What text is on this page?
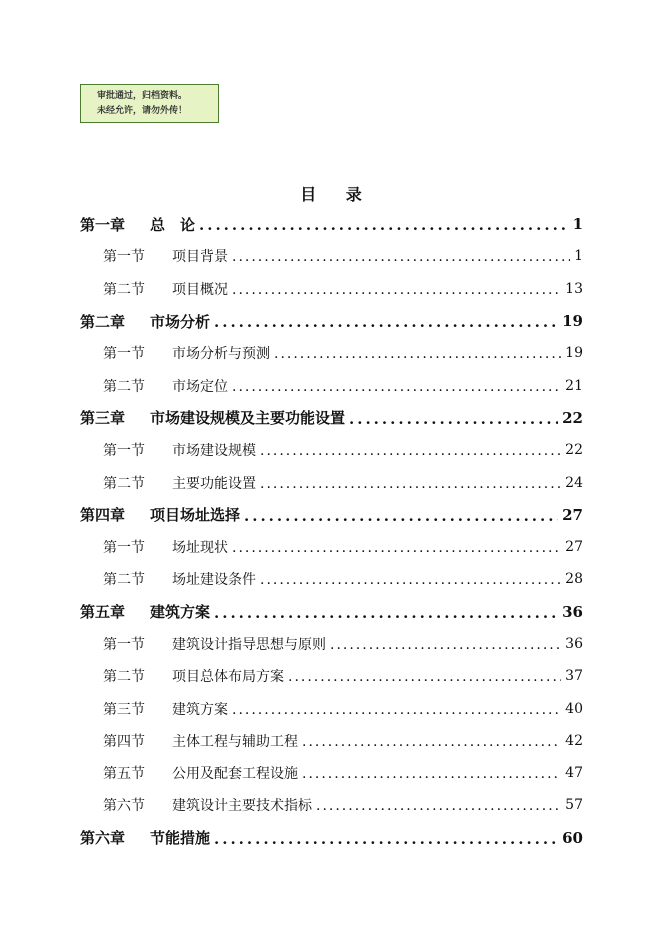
审批通过，归档资料。
未经允许，请勿外传！
目 录
第一章	总　论 .....	1
第一节	项目背景 .....	1
第二节	项目概况 .....	13
第二章	市场分析 .....	19
第一节	市场分析与预测 .....	19
第二节	市场定位 .....	21
第三章	市场建设规模及主要功能设置 .....	22
第一节	市场建设规模 .....	22
第二节	主要功能设置 .....	24
第四章	项目场址选择 .....	27
第一节	场址现状 .....	27
第二节	场址建设条件 .....	28
第五章	建筑方案 .....	36
第一节	建筑设计指导思想与原则 .....	36
第二节	项目总体布局方案 .....	37
第三节	建筑方案 .....	40
第四节	主体工程与辅助工程 .....	42
第五节	公用及配套工程设施 .....	47
第六节	建筑设计主要技术指标 .....	57
第六章	节能措施 .....	60
